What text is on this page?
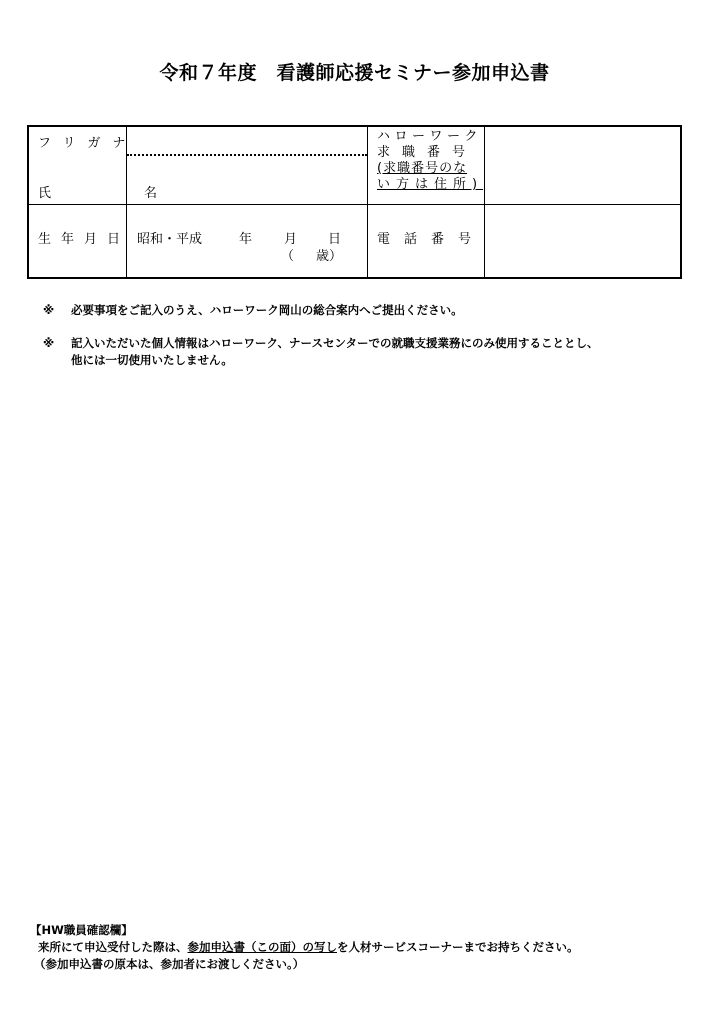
令和７年度　看護師応援セミナー参加申込書
フリガナ
氏　名
ハローワーク
求職番号
(求職番号のな
い方は住所)
生年月日 昭和・平成	年 月 日
（ 歳）
電話番号
※ 必要事項をご記入のうえ、ハローワーク岡山の総合案内へご提出ください。
※ 記入いただいた個人情報はハローワーク、ナースセンターでの就職支援業務にのみ使用することとし、
他には一切使用いたしません。
【HW職員確認欄】
来所にて申込受付した際は、参加申込書（この面）の写しを人材サービスコーナーまでお持ちください。
（参加申込書の原本は、参加者にお渡しください。）
